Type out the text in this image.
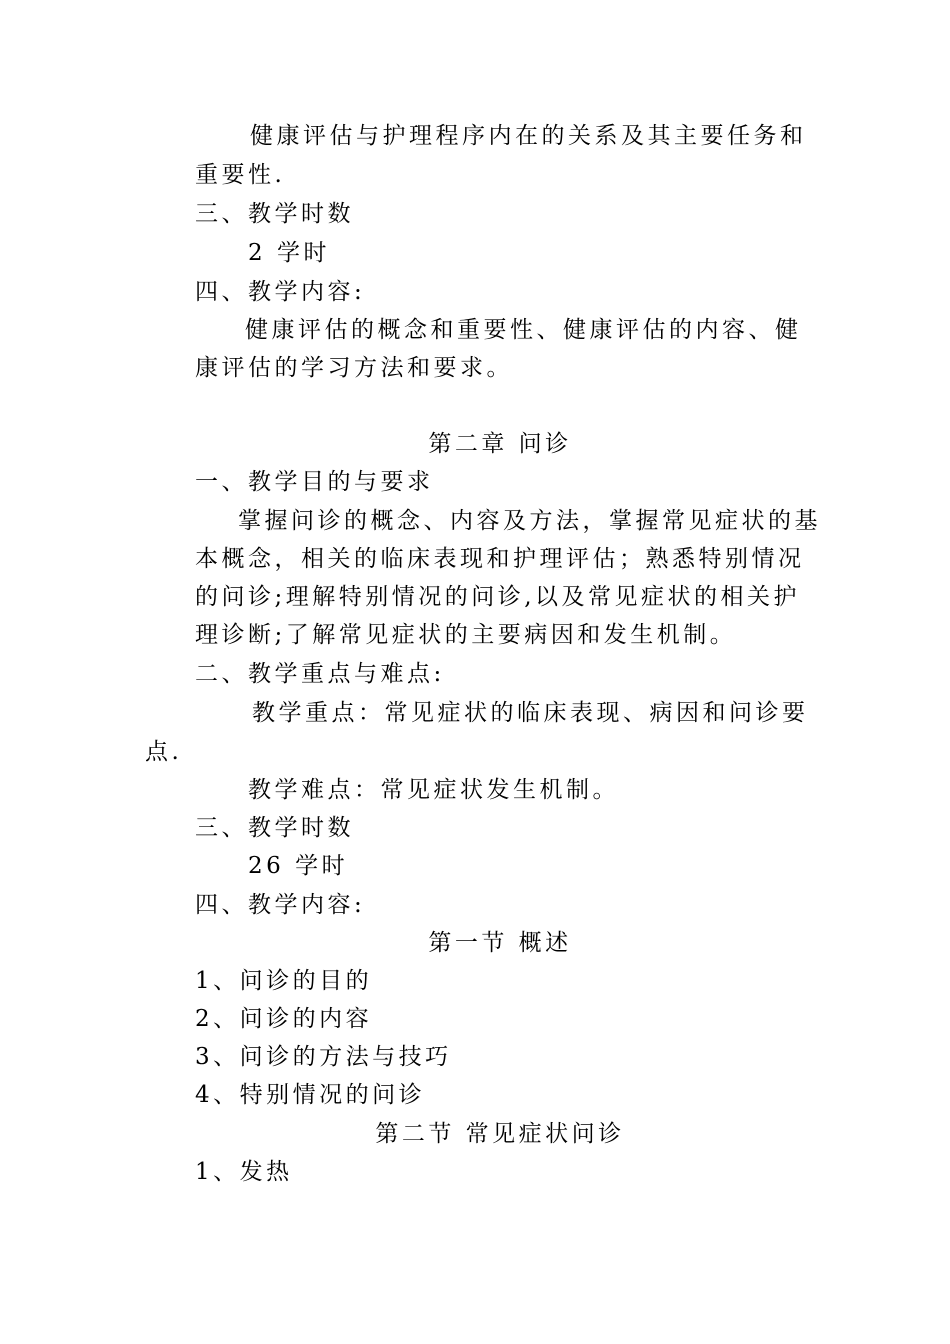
健康评估与护理程序内在的关系及其主要任务和
重要性.
三、教学时数
2 学时
四、教学内容:
健康评估的概念和重要性、健康评估的内容、健
康评估的学习方法和要求。
第二章 问诊
一、教学目的与要求
掌握问诊的概念、内容及方法，掌握常见症状的基
本概念，相关的临床表现和护理评估；熟悉特别情况
的问诊;理解特别情况的问诊,以及常见症状的相关护
理诊断;了解常见症状的主要病因和发生机制。
二、教学重点与难点:
教学重点：常见症状的临床表现、病因和问诊要
点.
教学难点：常见症状发生机制。
三、教学时数
26 学时
四、教学内容:
第一节 概述
1、问诊的目的
2、问诊的内容
3、问诊的方法与技巧
4、特别情况的问诊
第二节 常见症状问诊
1、发热
